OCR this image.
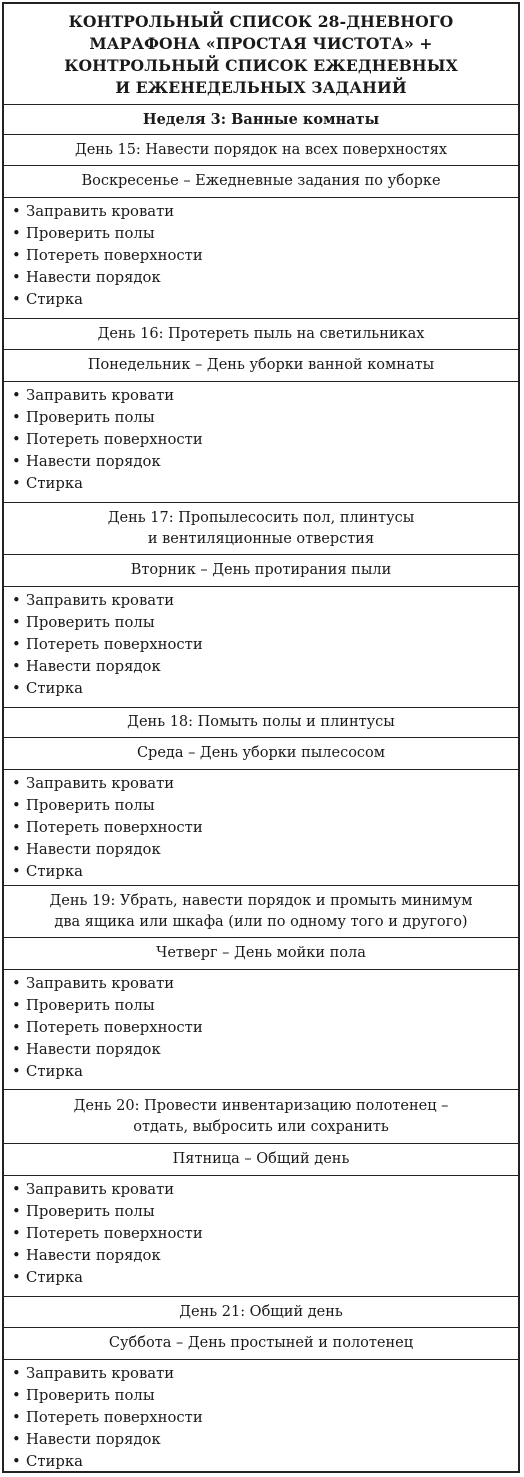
КОНТРОЛЬНЫЙ СПИСОК 28-ДНЕВНОГО
МАРАФОНА «ПРОСТАЯ ЧИСТОТА» +
КОНТРОЛЬНЫЙ СПИСОК ЕЖЕДНЕВНЫХ
И ЕЖЕНЕДЕЛЬНЫХ ЗАДАНИЙ
Неделя 3: Ванные комнаты
День 15: Навести порядок на всех поверхностях
Воскресенье – Ежедневные задания по уборке
• Заправить кровати
• Проверить полы
• Потереть поверхности
• Навести порядок
• Стирка
День 16: Протереть пыль на светильниках
Понедельник – День уборки ванной комнаты
• Заправить кровати
• Проверить полы
• Потереть поверхности
• Навести порядок
• Стирка
День 17: Пропылесосить пол, плинтусы
и вентиляционные отверстия
Вторник – День протирания пыли
• Заправить кровати
• Проверить полы
• Потереть поверхности
• Навести порядок
• Стирка
День 18: Помыть полы и плинтусы
Среда – День уборки пылесосом
• Заправить кровати
• Проверить полы
• Потереть поверхности
• Навести порядок
• Стирка
День 19: Убрать, навести порядок и промыть минимум
два ящика или шкафа (или по одному того и другого)
Четверг – День мойки пола
• Заправить кровати
• Проверить полы
• Потереть поверхности
• Навести порядок
• Стирка
День 20: Провести инвентаризацию полотенец –
отдать, выбросить или сохранить
Пятница – Общий день
• Заправить кровати
• Проверить полы
• Потереть поверхности
• Навести порядок
• Стирка
День 21: Общий день
Суббота – День простыней и полотенец
• Заправить кровати
• Проверить полы
• Потереть поверхности
• Навести порядок
• Стирка
